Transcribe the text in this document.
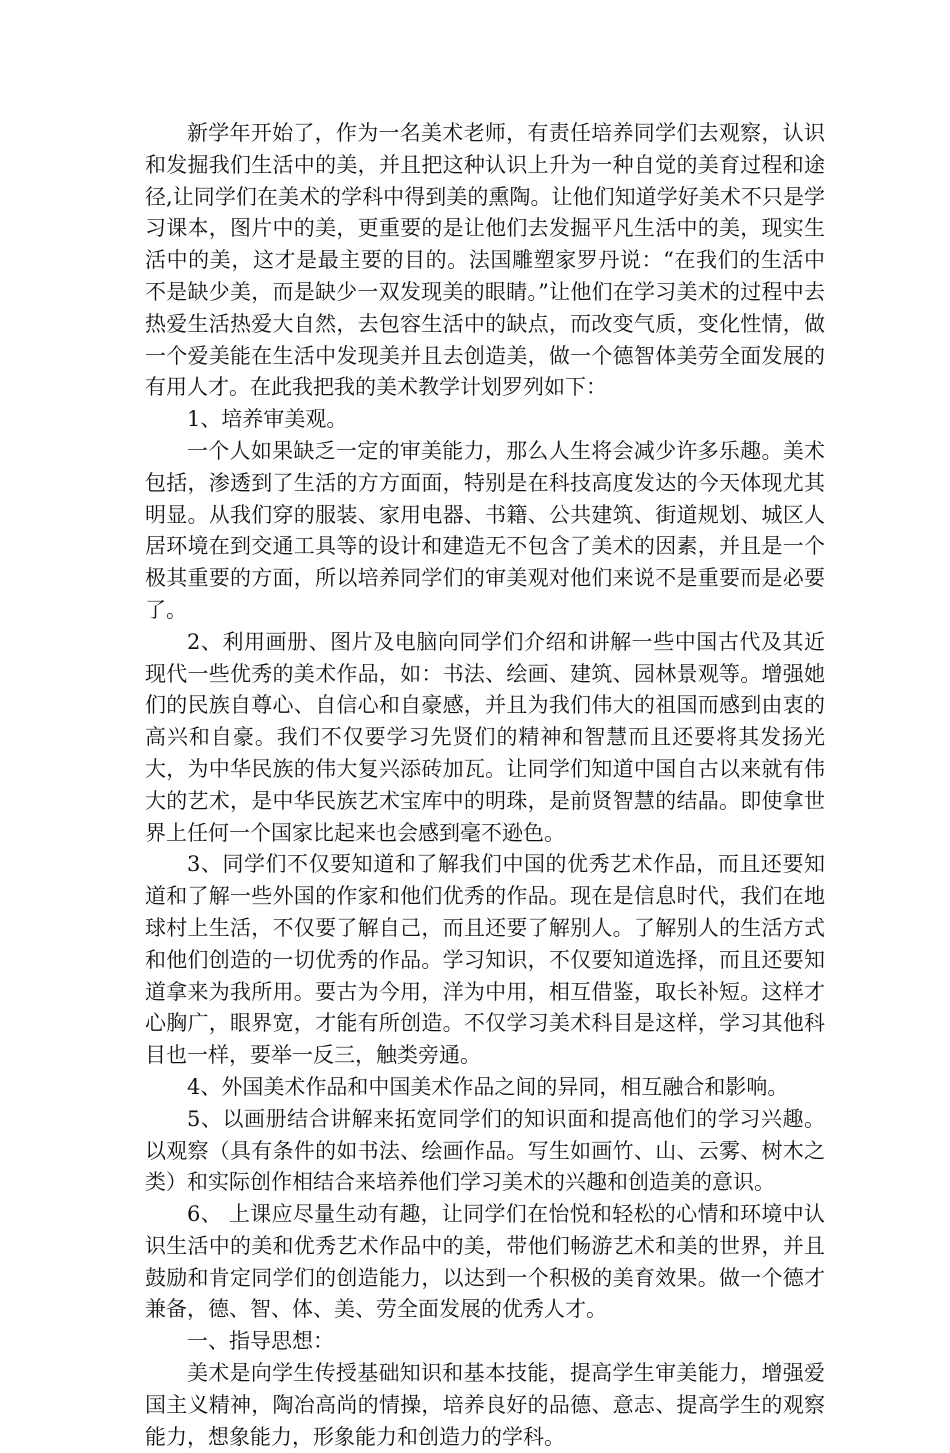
新学年开始了，作为一名美术老师，有责任培养同学们去观察，认识和发掘我们生活中的美，并且把这种认识上升为一种自觉的美育过程和途径,让同学们在美术的学科中得到美的熏陶。让他们知道学好美术不只是学习课本，图片中的美，更重要的是让他们去发掘平凡生活中的美，现实生活中的美，这才是最主要的目的。法国雕塑家罗丹说：“在我们的生活中不是缺少美，而是缺少一双发现美的眼睛。”让他们在学习美术的过程中去热爱生活热爱大自然，去包容生活中的缺点，而改变气质，变化性情，做一个爱美能在生活中发现美并且去创造美，做一个德智体美劳全面发展的有用人才。在此我把我的美术教学计划罗列如下：

1、培养审美观。

一个人如果缺乏一定的审美能力，那么人生将会减少许多乐趣。美术包括，渗透到了生活的方方面面，特别是在科技高度发达的今天体现尤其明显。从我们穿的服装、家用电器、书籍、公共建筑、街道规划、城区人居环境在到交通工具等的设计和建造无不包含了美术的因素，并且是一个极其重要的方面，所以培养同学们的审美观对他们来说不是重要而是必要了。

2、利用画册、图片及电脑向同学们介绍和讲解一些中国古代及其近现代一些优秀的美术作品，如：书法、绘画、建筑、园林景观等。增强她们的民族自尊心、自信心和自豪感，并且为我们伟大的祖国而感到由衷的高兴和自豪。我们不仅要学习先贤们的精神和智慧而且还要将其发扬光大，为中华民族的伟大复兴添砖加瓦。让同学们知道中国自古以来就有伟大的艺术，是中华民族艺术宝库中的明珠，是前贤智慧的结晶。即使拿世界上任何一个国家比起来也会感到毫不逊色。

3、同学们不仅要知道和了解我们中国的优秀艺术作品，而且还要知道和了解一些外国的作家和他们优秀的作品。现在是信息时代，我们在地球村上生活，不仅要了解自己，而且还要了解别人。了解别人的生活方式和他们创造的一切优秀的作品。学习知识，不仅要知道选择，而且还要知道拿来为我所用。要古为今用，洋为中用，相互借鉴，取长补短。这样才心胸广，眼界宽，才能有所创造。不仅学习美术科目是这样，学习其他科目也一样，要举一反三，触类旁通。

4、外国美术作品和中国美术作品之间的异同，相互融合和影响。

5、以画册结合讲解来拓宽同学们的知识面和提高他们的学习兴趣。以观察（具有条件的如书法、绘画作品。写生如画竹、山、云雾、树木之类）和实际创作相结合来培养他们学习美术的兴趣和创造美的意识。

6、 上课应尽量生动有趣，让同学们在怡悦和轻松的心情和环境中认识生活中的美和优秀艺术作品中的美，带他们畅游艺术和美的世界，并且鼓励和肯定同学们的创造能力，以达到一个积极的美育效果。做一个德才兼备，德、智、体、美、劳全面发展的优秀人才。

一、指导思想：

美术是向学生传授基础知识和基本技能，提高学生审美能力，增强爱国主义精神，陶冶高尚的情操，培养良好的品德、意志、提高学生的观察能力，想象能力，形象能力和创造力的学科。
